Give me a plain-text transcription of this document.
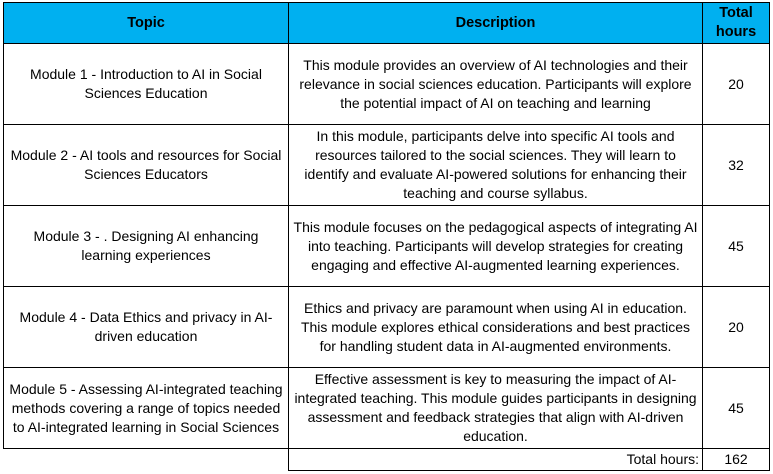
Topic	Description	Total hours
Module 1 - Introduction to AI in Social Sciences Education	This module provides an overview of AI technologies and their relevance in social sciences education. Participants will explore the potential impact of AI on teaching and learning	20
Module 2 - AI tools and resources for Social Sciences Educators	In this module, participants delve into specific AI tools and resources tailored to the social sciences. They will learn to identify and evaluate AI-powered solutions for enhancing their teaching and course syllabus.	32
Module 3 - . Designing AI enhancing learning experiences	This module focuses on the pedagogical aspects of integrating AI into teaching. Participants will develop strategies for creating engaging and effective AI-augmented learning experiences.	45
Module 4 - Data Ethics and privacy in AI-driven education	Ethics and privacy are paramount when using AI in education. This module explores ethical considerations and best practices for handling student data in AI-augmented environments.	20
Module 5 - Assessing AI-integrated teaching methods covering a range of topics needed to AI-integrated learning in Social Sciences	Effective assessment is key to measuring the impact of AI-integrated teaching. This module guides participants in designing assessment and feedback strategies that align with AI-driven education.	45
	Total hours:	162
